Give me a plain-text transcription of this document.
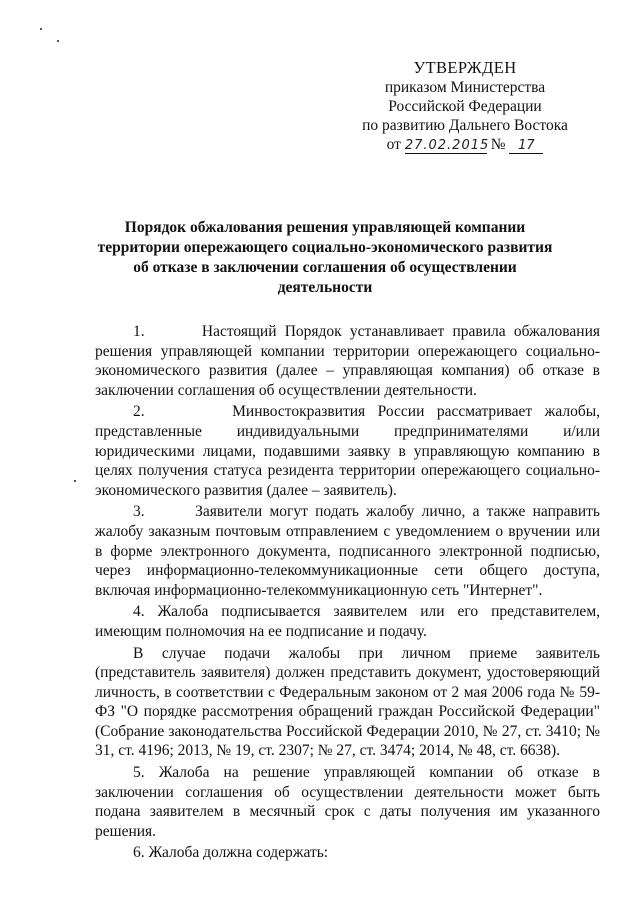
УТВЕРЖДЕН
приказом Министерства
Российской Федерации
по развитию Дальнего Востока
от 27.02.2015 № 17
Порядок обжалования решения управляющей компании
территории опережающего социально-экономического развития
об отказе в заключении соглашения об осуществлении деятельности

1.       Настоящий Порядок устанавливает правила обжалования решения управляющей компании территории опережающего социально-экономического развития (далее – управляющая компания) об отказе в заключении соглашения об осуществлении деятельности.

2.       Минвостокразвития России рассматривает жалобы, представленные индивидуальными предпринимателями и/или юридическими лицами, подавшими заявку в управляющую компанию в целях получения статуса резидента территории опережающего социально-экономического развития (далее – заявитель).

3.       Заявители могут подать жалобу лично, а также направить жалобу заказным почтовым отправлением с уведомлением о вручении или в форме электронного документа, подписанного электронной подписью, через информационно-телекоммуникационные сети общего доступа, включая информационно-телекоммуникационную сеть "Интернет".

4. Жалоба подписывается заявителем или его представителем, имеющим полномочия на ее подписание и подачу.

В случае подачи жалобы при личном приеме заявитель (представитель заявителя) должен представить документ, удостоверяющий личность, в соответствии с Федеральным законом от 2 мая 2006 года № 59-ФЗ "О порядке рассмотрения обращений граждан Российской Федерации" (Собрание законодательства Российской Федерации 2010, № 27, ст. 3410; № 31, ст. 4196; 2013, № 19, ст. 2307; № 27, ст. 3474; 2014, № 48, ст. 6638).

5. Жалоба на решение управляющей компании об отказе в заключении соглашения об осуществлении деятельности может быть подана заявителем в месячный срок с даты получения им указанного решения.

6. Жалоба должна содержать:
